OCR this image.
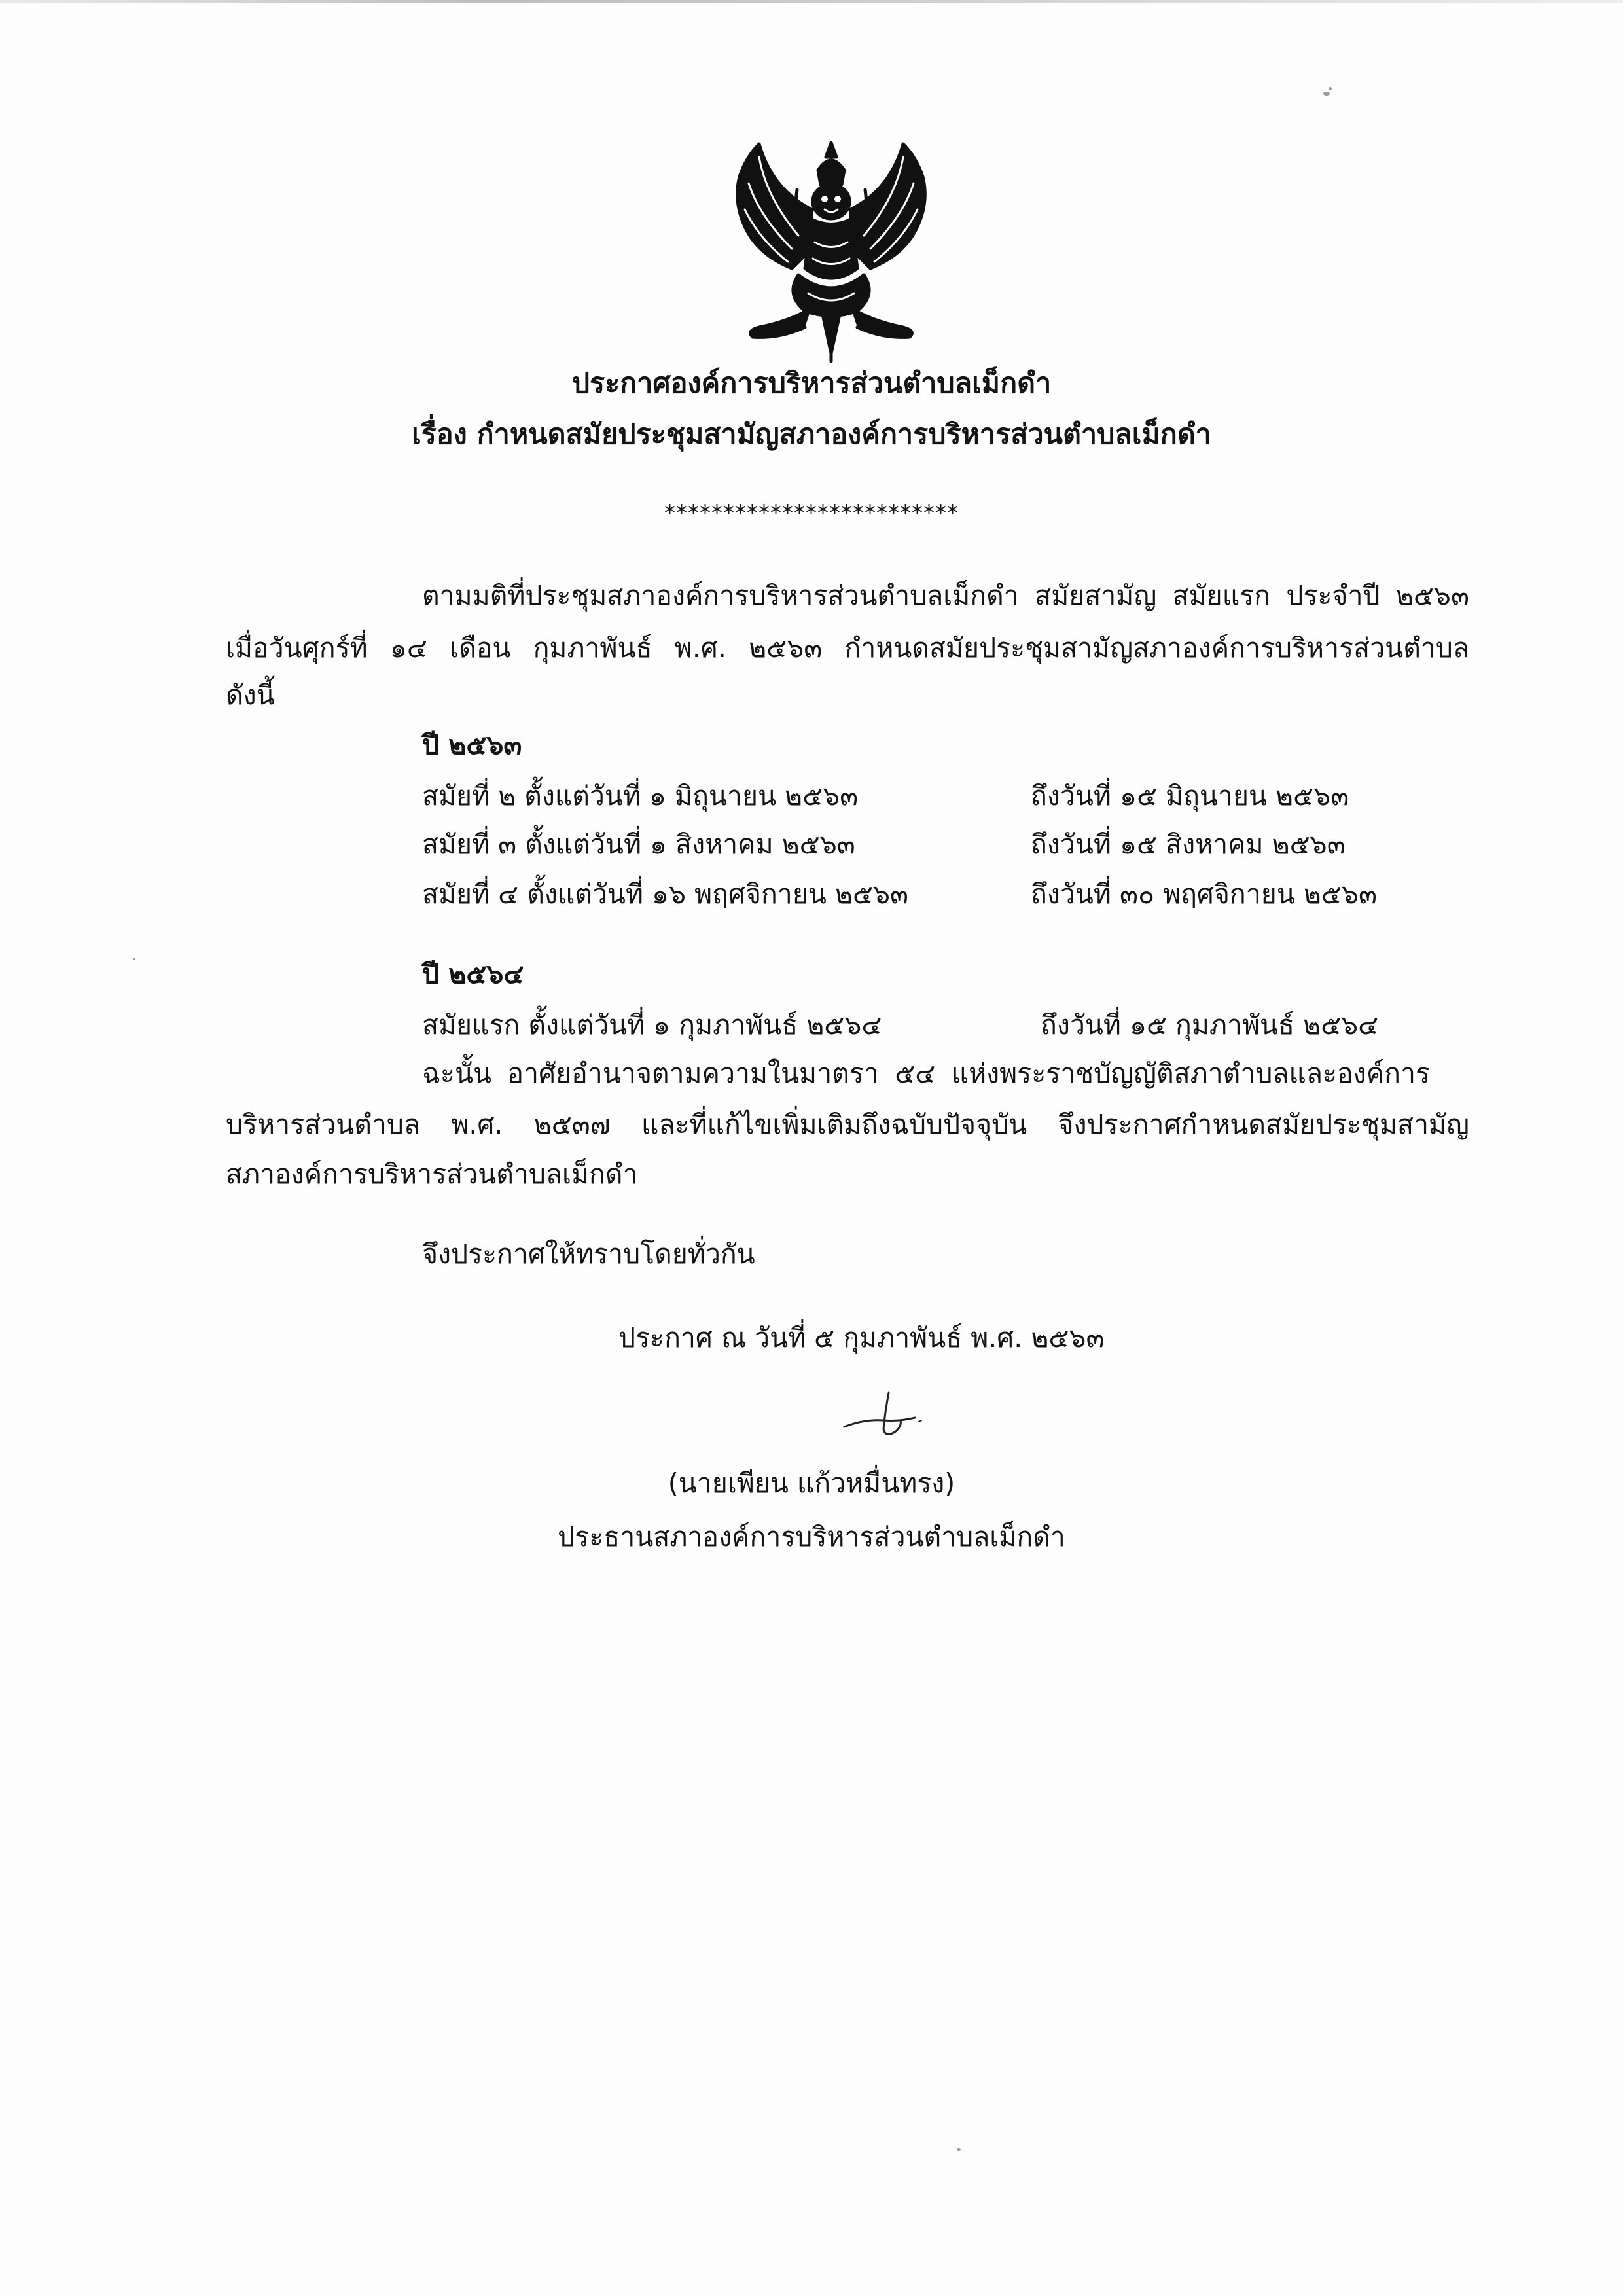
ประกาศองค์การบริหารส่วนตำบลเม็กดำ
เรื่อง กำหนดสมัยประชุมสามัญสภาองค์การบริหารส่วนตำบลเม็กดำ
*************************
ตามมติที่ประชุมสภาองค์การบริหารส่วนตำบลเม็กดำ สมัยสามัญ สมัยแรก ประจำปี ๒๕๖๓
เมื่อวันศุกร์ที่ ๑๔ เดือน กุมภาพันธ์ พ.ศ. ๒๕๖๓ กำหนดสมัยประชุมสามัญสภาองค์การบริหารส่วนตำบล
ดังนี้
ปี ๒๕๖๓
สมัยที่ ๒ ตั้งแต่วันที่ ๑ มิถุนายน ๒๕๖๓	ถึงวันที่ ๑๕ มิถุนายน ๒๕๖๓
สมัยที่ ๓ ตั้งแต่วันที่ ๑ สิงหาคม ๒๕๖๓	ถึงวันที่ ๑๕ สิงหาคม ๒๕๖๓
สมัยที่ ๔ ตั้งแต่วันที่ ๑๖ พฤศจิกายน ๒๕๖๓	ถึงวันที่ ๓๐ พฤศจิกายน ๒๕๖๓
ปี ๒๕๖๔
สมัยแรก ตั้งแต่วันที่ ๑ กุมภาพันธ์ ๒๕๖๔	ถึงวันที่ ๑๕ กุมภาพันธ์ ๒๕๖๔
ฉะนั้น อาศัยอำนาจตามความในมาตรา ๕๔ แห่งพระราชบัญญัติสภาตำบลและองค์การ
บริหารส่วนตำบล พ.ศ. ๒๕๓๗ และที่แก้ไขเพิ่มเติมถึงฉบับปัจจุบัน จึงประกาศกำหนดสมัยประชุมสามัญ
สภาองค์การบริหารส่วนตำบลเม็กดำ
จึงประกาศให้ทราบโดยทั่วกัน
ประกาศ ณ วันที่ ๕ กุมภาพันธ์ พ.ศ. ๒๕๖๓
(นายเพียน แก้วหมื่นทรง)
ประธานสภาองค์การบริหารส่วนตำบลเม็กดำ
